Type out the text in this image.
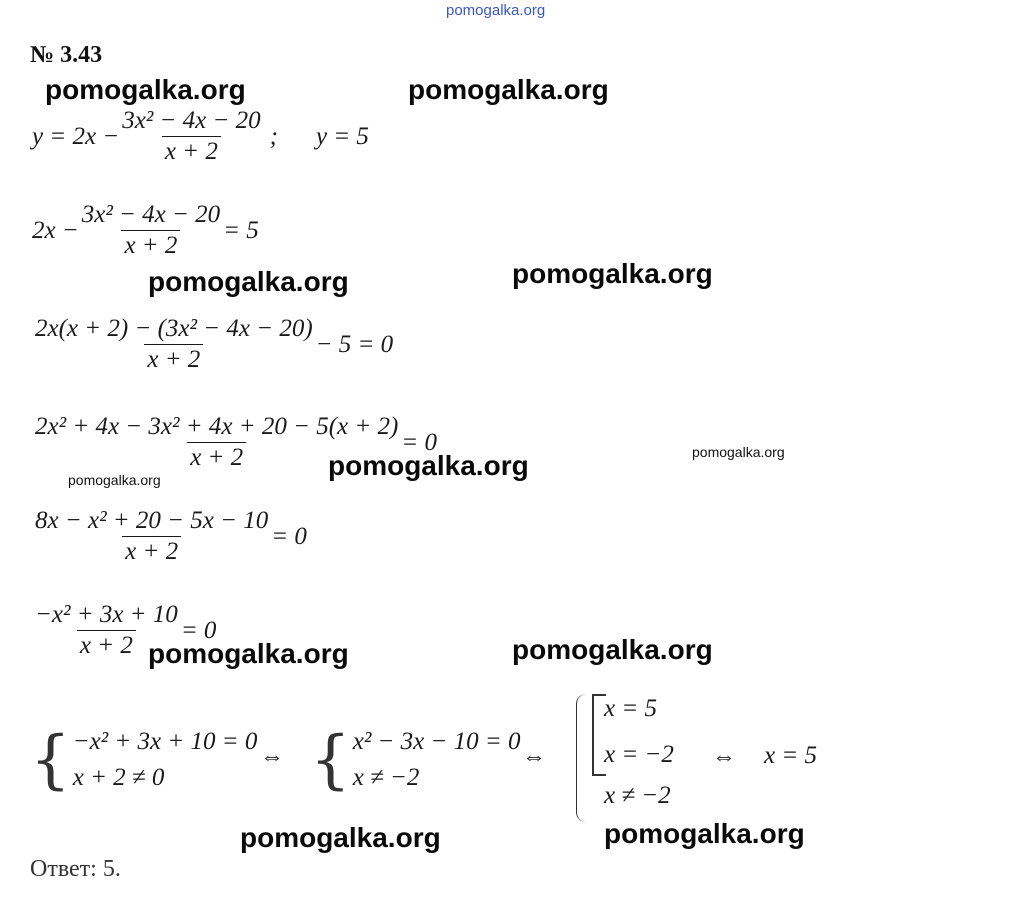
pomogalka.org
№ 3.43
pomogalka.org	pomogalka.org
pomogalka.org	pomogalka.org
pomogalka.org	pomogalka.org
pomogalka.org
pomogalka.org	pomogalka.org
pomogalka.org	pomogalka.org
$y = 2x - \frac{\text{3x² − 4x − 20}}{x + 2}$ ; y = 5
$2x - \frac{\text{3x² − 4x − 20}}{x + 2} = 5$
$\frac{\text{2x(x + 2) − (3x² − 4x − 20)}}{x + 2} - 5 = 0$
$\frac{\text{2x² + 4x − 3x² + 4x + 20 − 5(x + 2)}}{x + 2} = 0$
$\frac{\text{8x − x² + 20 − 5x − 10}}{x + 2} = 0$
$\frac{\text{−x² + 3x + 10}}{x + 2} = 0$
{ −x² + 3x + 10 = 0
x + 2 ≠ 0
⇔ { x² − 3x − 10 = 0
x ≠ −2
⇔
x = 5
x = −2
x ≠ −2
⇔ x = 5
Ответ: 5.
